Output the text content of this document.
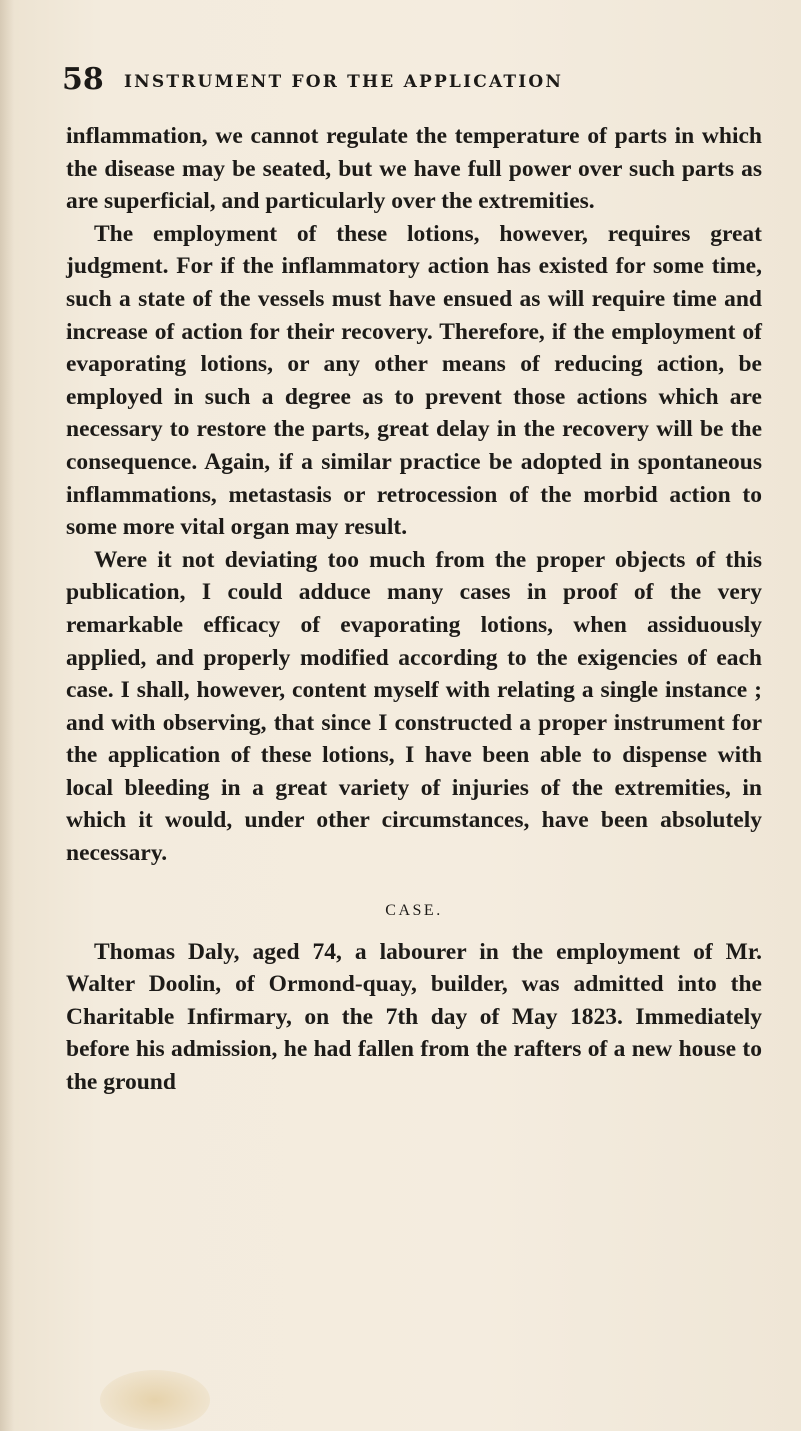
58 INSTRUMENT FOR THE APPLICATION

inflammation, we cannot regulate the temperature of parts in which the disease may be seated, but we have full power over such parts as are superficial, and particularly over the extremities.

The employment of these lotions, however, requires great judgment. For if the inflammatory action has existed for some time, such a state of the vessels must have ensued as will require time and increase of action for their recovery. Therefore, if the employment of evaporating lotions, or any other means of reducing action, be employed in such a degree as to prevent those actions which are necessary to restore the parts, great delay in the recovery will be the consequence. Again, if a similar practice be adopted in spontaneous inflammations, metastasis or retrocession of the morbid action to some more vital organ may result.

Were it not deviating too much from the proper objects of this publication, I could adduce many cases in proof of the very remarkable efficacy of evaporating lotions, when assiduously applied, and properly modified according to the exigencies of each case. I shall, however, content myself with relating a single instance ; and with observing, that since I constructed a proper instrument for the application of these lotions, I have been able to dispense with local bleeding in a great variety of injuries of the extremities, in which it would, under other circumstances, have been absolutely necessary.

CASE.

Thomas Daly, aged 74, a labourer in the employment of Mr. Walter Doolin, of Ormond-quay, builder, was admitted into the Charitable Infirmary, on the 7th day of May 1823. Immediately before his admission, he had fallen from the rafters of a new house to the ground
